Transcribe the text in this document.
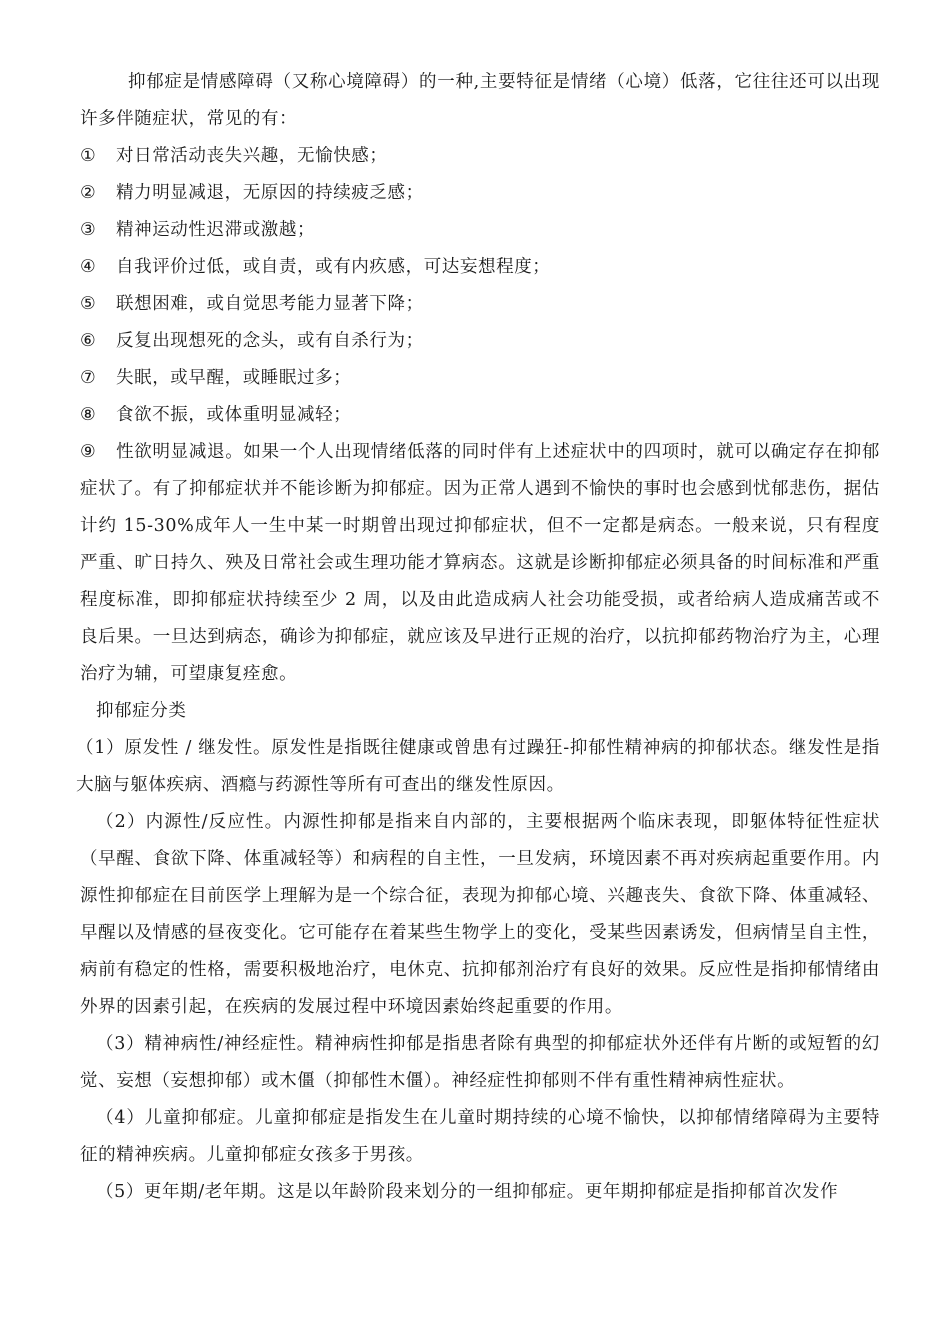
抑郁症是情感障碍（又称心境障碍）的一种,主要特征是情绪（心境）低落，它往往还可以出现许多伴随症状，常见的有：

①	对日常活动丧失兴趣，无愉快感；
②	精力明显减退，无原因的持续疲乏感；
③	精神运动性迟滞或激越；
④	自我评价过低，或自责，或有内疚感，可达妄想程度；
⑤	联想困难，或自觉思考能力显著下降；
⑥	反复出现想死的念头，或有自杀行为；
⑦	失眠，或早醒，或睡眠过多；
⑧	食欲不振，或体重明显减轻；

⑨ 性欲明显减退。如果一个人出现情绪低落的同时伴有上述症状中的四项时，就可以确定存在抑郁症状了。有了抑郁症状并不能诊断为抑郁症。因为正常人遇到不愉快的事时也会感到忧郁悲伤，据估计约 15-30%成年人一生中某一时期曾出现过抑郁症状，但不一定都是病态。一般来说，只有程度严重、旷日持久、殃及日常社会或生理功能才算病态。这就是诊断抑郁症必须具备的时间标准和严重程度标准，即抑郁症状持续至少 2 周，以及由此造成病人社会功能受损，或者给病人造成痛苦或不良后果。一旦达到病态，确诊为抑郁症，就应该及早进行正规的治疗，以抗抑郁药物治疗为主，心理治疗为辅，可望康复痊愈。

抑郁症分类

（1）原发性 / 继发性。原发性是指既往健康或曾患有过躁狂-抑郁性精神病的抑郁状态。继发性是指大脑与躯体疾病、酒瘾与药源性等所有可查出的继发性原因。

（2）内源性/反应性。内源性抑郁是指来自内部的，主要根据两个临床表现，即躯体特征性症状（早醒、食欲下降、体重减轻等）和病程的自主性，一旦发病，环境因素不再对疾病起重要作用。内源性抑郁症在目前医学上理解为是一个综合征，表现为抑郁心境、兴趣丧失、食欲下降、体重减轻、早醒以及情感的昼夜变化。它可能存在着某些生物学上的变化，受某些因素诱发，但病情呈自主性，病前有稳定的性格，需要积极地治疗，电休克、抗抑郁剂治疗有良好的效果。反应性是指抑郁情绪由外界的因素引起，在疾病的发展过程中环境因素始终起重要的作用。

（3）精神病性/神经症性。精神病性抑郁是指患者除有典型的抑郁症状外还伴有片断的或短暂的幻觉、妄想（妄想抑郁）或木僵（抑郁性木僵）。神经症性抑郁则不伴有重性精神病性症状。

（4）儿童抑郁症。儿童抑郁症是指发生在儿童时期持续的心境不愉快，以抑郁情绪障碍为主要特征的精神疾病。儿童抑郁症女孩多于男孩。

（5）更年期/老年期。这是以年龄阶段来划分的一组抑郁症。更年期抑郁症是指抑郁首次发作
